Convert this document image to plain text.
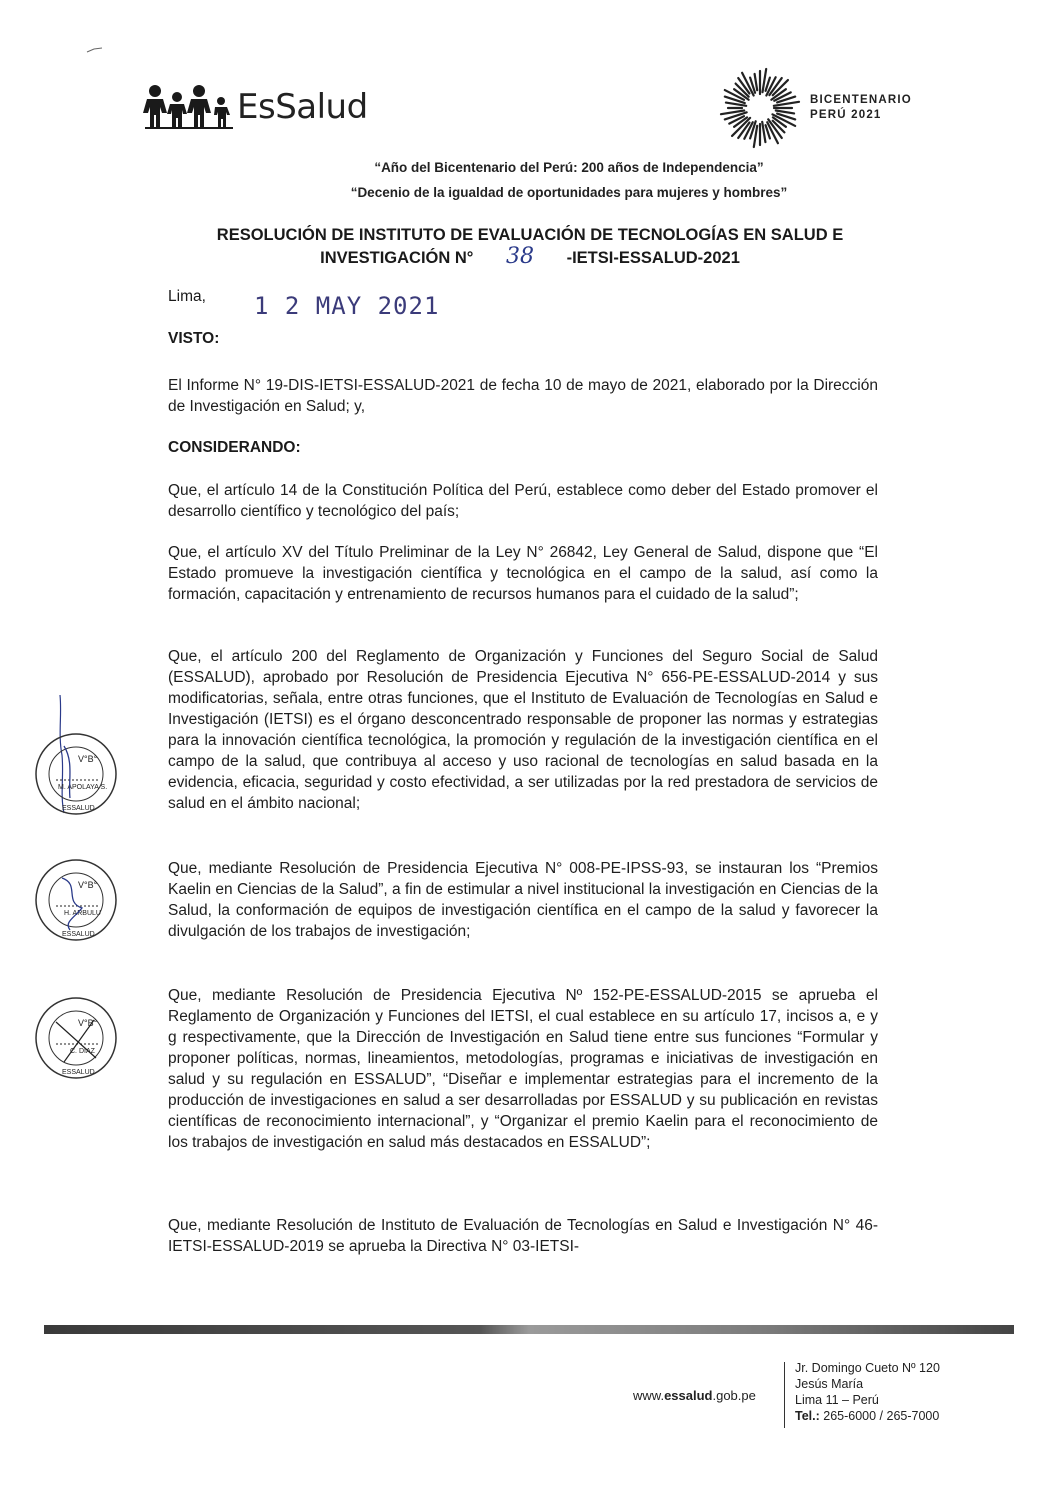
EsSalud	BICENTENARIO
PERÚ 2021
“Año del Bicentenario del Perú: 200 años de Independencia”
“Decenio de la igualdad de oportunidades para mujeres y hombres”
RESOLUCIÓN DE INSTITUTO DE EVALUACIÓN DE TECNOLOGÍAS EN SALUD E
INVESTIGACIÓN N° 38 -IETSI-ESSALUD-2021
Lima, 1 2 MAY 2021
VISTO:
El Informe N° 19-DIS-IETSI-ESSALUD-2021 de fecha 10 de mayo de 2021, elaborado por la Dirección de Investigación en Salud; y,
CONSIDERANDO:
Que, el artículo 14 de la Constitución Política del Perú, establece como deber del Estado promover el desarrollo científico y tecnológico del país;
Que, el artículo XV del Título Preliminar de la Ley N° 26842, Ley General de Salud, dispone que “El Estado promueve la investigación científica y tecnológica en el campo de la salud, así como la formación, capacitación y entrenamiento de recursos humanos para el cuidado de la salud”;
Que, el artículo 200 del Reglamento de Organización y Funciones del Seguro Social de Salud (ESSALUD), aprobado por Resolución de Presidencia Ejecutiva N° 656-PE-ESSALUD-2014 y sus modificatorias, señala, entre otras funciones, que el Instituto de Evaluación de Tecnologías en Salud e Investigación (IETSI) es el órgano desconcentrado responsable de proponer las normas y estrategias para la innovación científica tecnológica, la promoción y regulación de la investigación científica en el campo de la salud, que contribuya al acceso y uso racional de tecnologías en salud basada en la evidencia, eficacia, seguridad y costo efectividad, a ser utilizadas por la red prestadora de servicios de salud en el ámbito nacional;
Que, mediante Resolución de Presidencia Ejecutiva N° 008-PE-IPSS-93, se instauran los “Premios Kaelin en Ciencias de la Salud”, a fin de estimular a nivel institucional la investigación en Ciencias de la Salud, la conformación de equipos de investigación científica en el campo de la salud y favorecer la divulgación de los trabajos de investigación;
Que, mediante Resolución de Presidencia Ejecutiva Nº 152-PE-ESSALUD-2015 se aprueba el Reglamento de Organización y Funciones del IETSI, el cual establece en su artículo 17, incisos a, e y g respectivamente, que la Dirección de Investigación en Salud tiene entre sus funciones “Formular y proponer políticas, normas, lineamientos, metodologías, programas e iniciativas de investigación en salud y su regulación en ESSALUD”, “Diseñar e implementar estrategias para el incremento de la producción de investigaciones en salud a ser desarrolladas por ESSALUD y su publicación en revistas científicas de reconocimiento internacional”, y “Organizar el premio Kaelin para el reconocimiento de los trabajos de investigación en salud más destacados en ESSALUD”;
Que, mediante Resolución de Instituto de Evaluación de Tecnologías en Salud e Investigación N° 46-IETSI-ESSALUD-2019 se aprueba la Directiva N° 03-IETSI-
V°B°
M. APOLAYA S.
ESSALUD
V°B°
H. ARBULU
ESSALUD
V°B°
C. DIAZ
ESSALUD
www.essalud.gob.pe
Jr. Domingo Cueto Nº 120
Jesús María
Lima 11 – Perú
Tel.: 265-6000 / 265-7000
